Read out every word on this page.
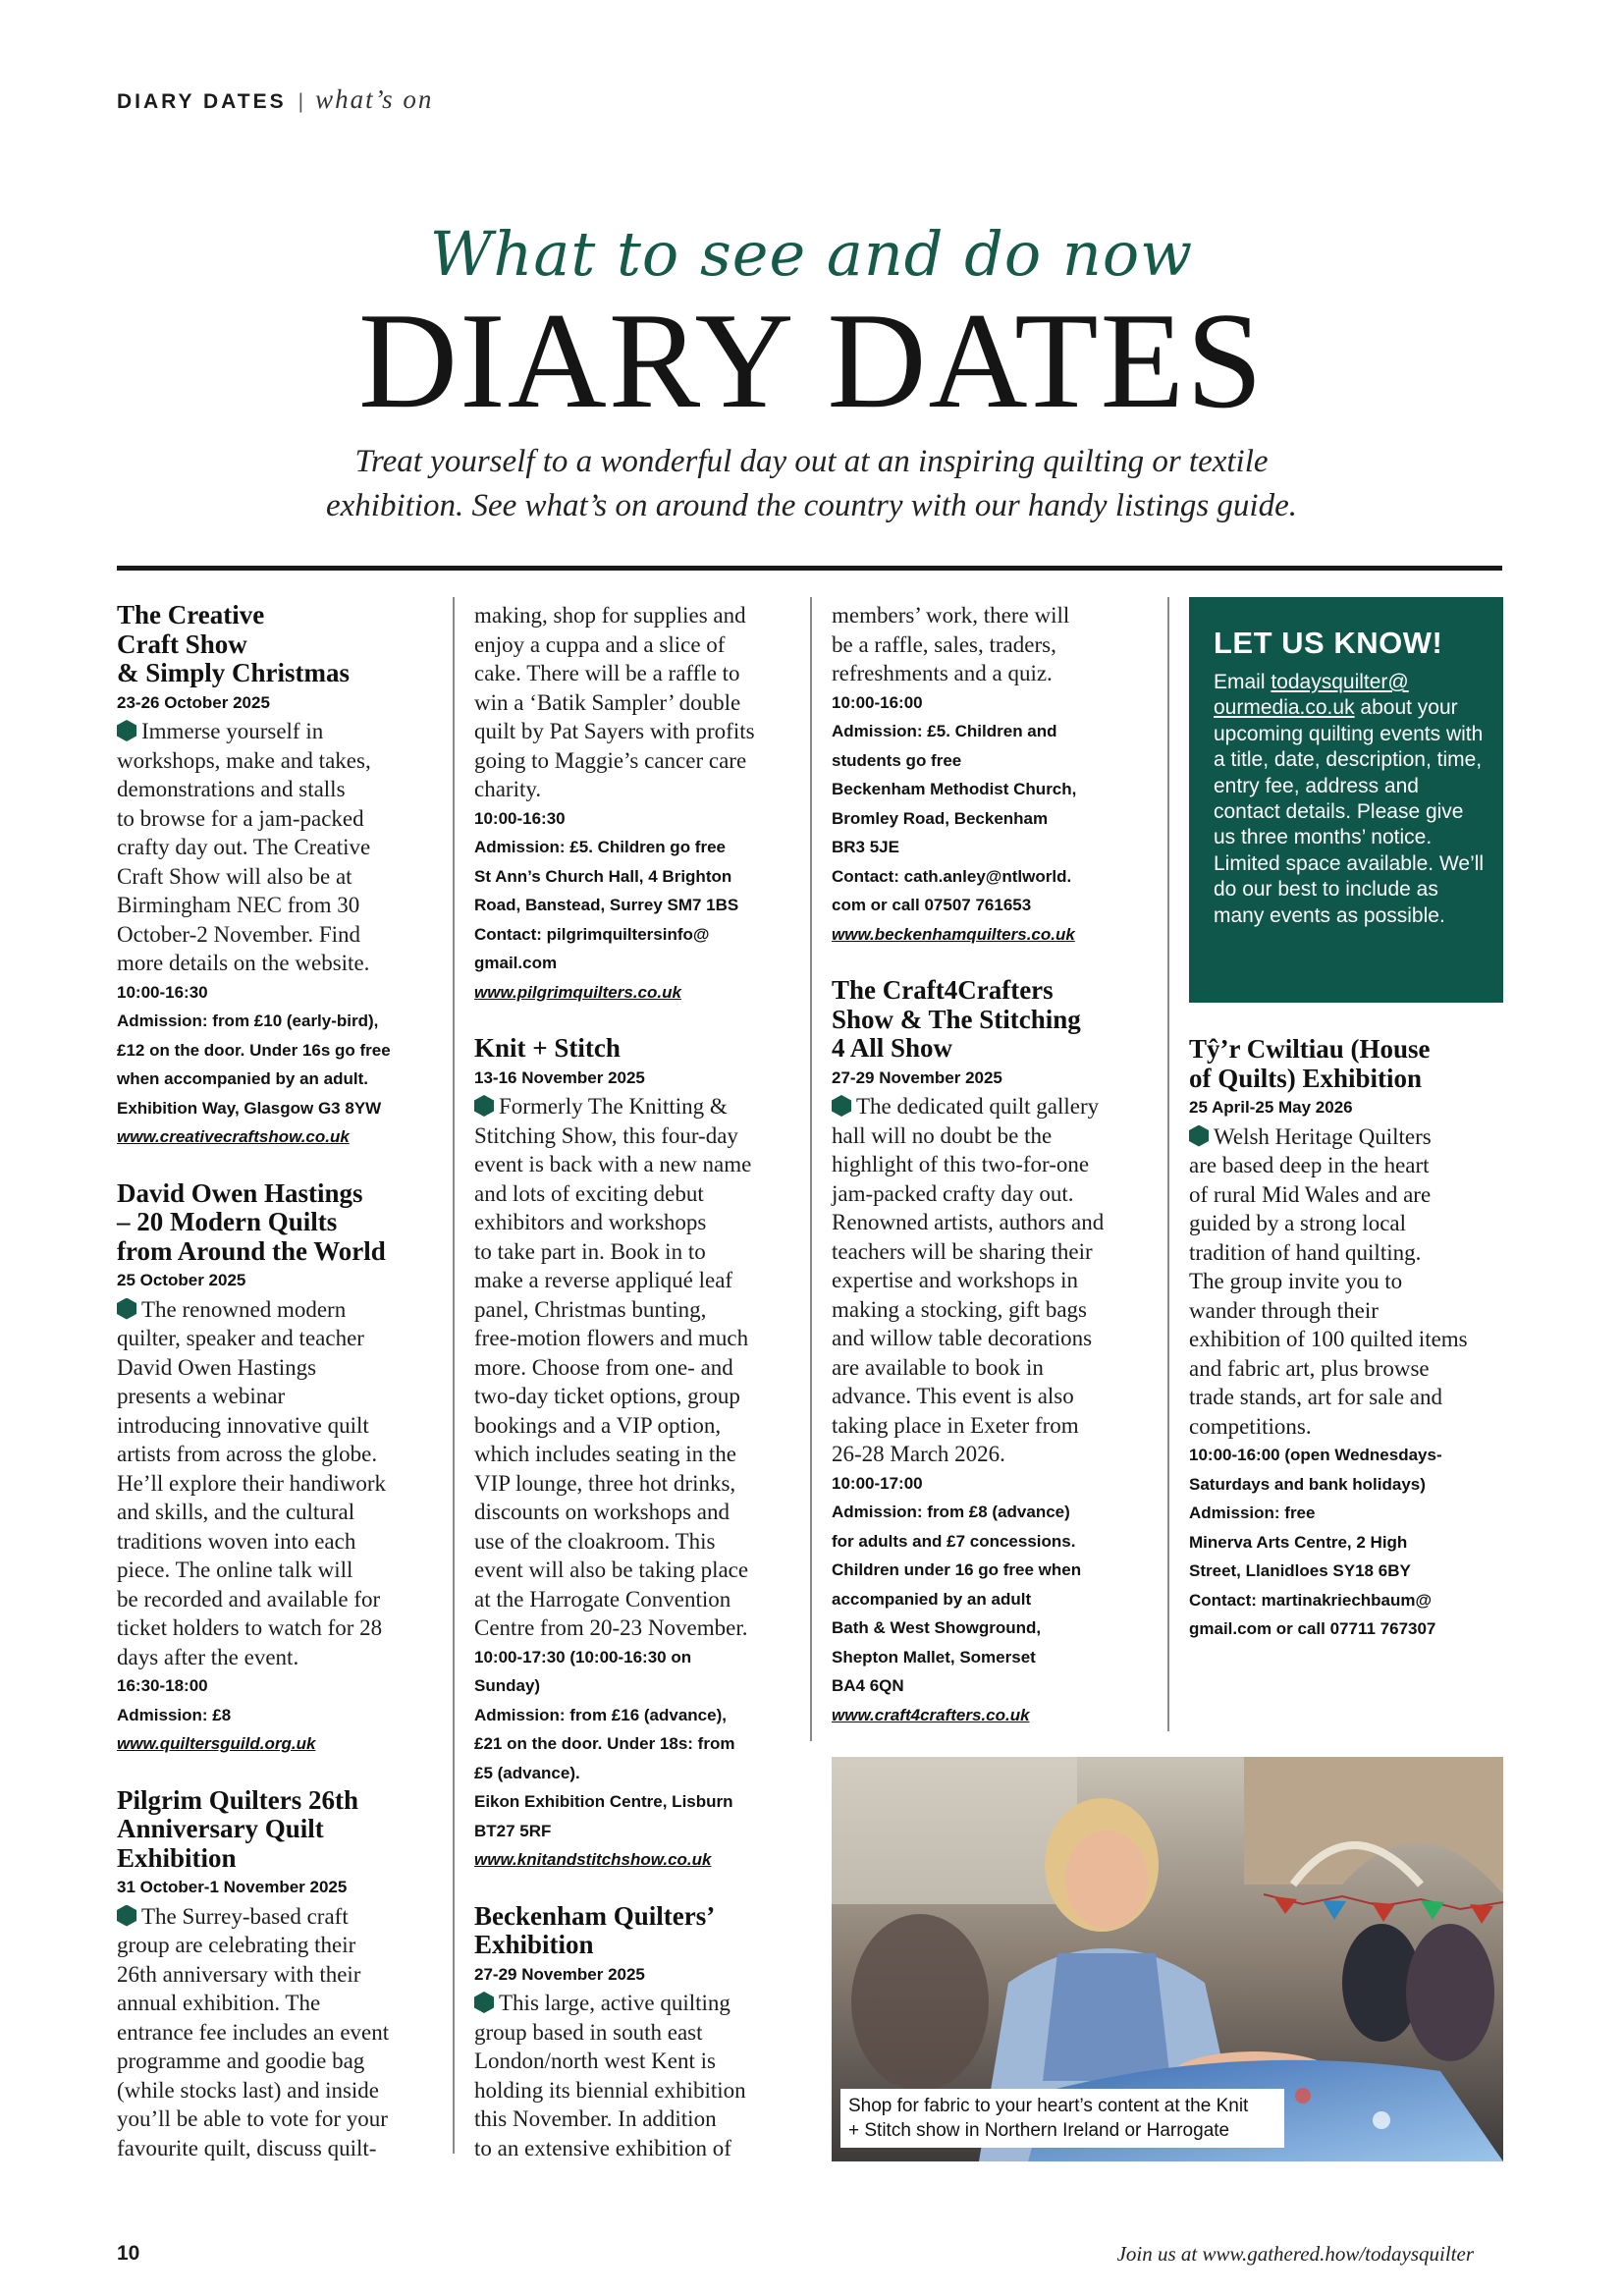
DIARY DATES | what’s on
What to see and do now
DIARY DATES
Treat yourself to a wonderful day out at an inspiring quilting or textile
exhibition. See what’s on around the country with our handy listings guide.
The Creative
Craft Show
& Simply Christmas
23-26 October 2025
Immerse yourself in
workshops, make and takes,
demonstrations and stalls
to browse for a jam-packed
crafty day out. The Creative
Craft Show will also be at
Birmingham NEC from 30
October-2 November. Find
more details on the website.
10:00-16:30
Admission: from £10 (early-bird),
£12 on the door. Under 16s go free
when accompanied by an adult.
Exhibition Way, Glasgow G3 8YW
www.creativecraftshow.co.uk
David Owen Hastings
– 20 Modern Quilts
from Around the World
25 October 2025
The renowned modern
quilter, speaker and teacher
David Owen Hastings
presents a webinar
introducing innovative quilt
artists from across the globe.
He’ll explore their handiwork
and skills, and the cultural
traditions woven into each
piece. The online talk will
be recorded and available for
ticket holders to watch for 28
days after the event.
16:30-18:00
Admission: £8
www.quiltersguild.org.uk
Pilgrim Quilters 26th
Anniversary Quilt
Exhibition
31 October-1 November 2025
The Surrey-based craft
group are celebrating their
26th anniversary with their
annual exhibition. The
entrance fee includes an event
programme and goodie bag
(while stocks last) and inside
you’ll be able to vote for your
favourite quilt, discuss quilt-
making, shop for supplies and
enjoy a cuppa and a slice of
cake. There will be a raffle to
win a ‘Batik Sampler’ double
quilt by Pat Sayers with profits
going to Maggie’s cancer care
charity.
10:00-16:30
Admission: £5. Children go free
St Ann’s Church Hall, 4 Brighton
Road, Banstead, Surrey SM7 1BS
Contact: pilgrimquiltersinfo@
gmail.com
www.pilgrimquilters.co.uk
Knit + Stitch
13-16 November 2025
Formerly The Knitting &
Stitching Show, this four-day
event is back with a new name
and lots of exciting debut
exhibitors and workshops
to take part in. Book in to
make a reverse appliqué leaf
panel, Christmas bunting,
free-motion flowers and much
more. Choose from one- and
two-day ticket options, group
bookings and a VIP option,
which includes seating in the
VIP lounge, three hot drinks,
discounts on workshops and
use of the cloakroom. This
event will also be taking place
at the Harrogate Convention
Centre from 20-23 November.
10:00-17:30 (10:00-16:30 on
Sunday)
Admission: from £16 (advance),
£21 on the door. Under 18s: from
£5 (advance).
Eikon Exhibition Centre, Lisburn
BT27 5RF
www.knitandstitchshow.co.uk
Beckenham Quilters’
Exhibition
27-29 November 2025
This large, active quilting
group based in south east
London/north west Kent is
holding its biennial exhibition
this November. In addition
to an extensive exhibition of
members’ work, there will
be a raffle, sales, traders,
refreshments and a quiz.
10:00-16:00
Admission: £5. Children and
students go free
Beckenham Methodist Church,
Bromley Road, Beckenham
BR3 5JE
Contact: cath.anley@ntlworld.
com or call 07507 761653
www.beckenhamquilters.co.uk
The Craft4Crafters
Show & The Stitching
4 All Show
27-29 November 2025
The dedicated quilt gallery
hall will no doubt be the
highlight of this two-for-one
jam-packed crafty day out.
Renowned artists, authors and
teachers will be sharing their
expertise and workshops in
making a stocking, gift bags
and willow table decorations
are available to book in
advance. This event is also
taking place in Exeter from
26-28 March 2026.
10:00-17:00
Admission: from £8 (advance)
for adults and £7 concessions.
Children under 16 go free when
accompanied by an adult
Bath & West Showground,
Shepton Mallet, Somerset
BA4 6QN
www.craft4crafters.co.uk
LET US KNOW!

Email todaysquilter@
ourmedia.co.uk about your upcoming quilting events with a title, date, description, time, entry fee, address and contact details. Please give us three months’ notice. Limited space available. We’ll do our best to include as many events as possible.

Tŷ’r Cwiltiau (House
of Quilts) Exhibition
25 April-25 May 2026
Welsh Heritage Quilters
are based deep in the heart
of rural Mid Wales and are
guided by a strong local
tradition of hand quilting.
The group invite you to
wander through their
exhibition of 100 quilted items
and fabric art, plus browse
trade stands, art for sale and
competitions.
10:00-16:00 (open Wednesdays-
Saturdays and bank holidays)
Admission: free
Minerva Arts Centre, 2 High
Street, Llanidloes SY18 6BY
Contact: martinakriechbaum@
gmail.com or call 07711 767307
Shop for fabric to your heart’s content at the Knit
+ Stitch show in Northern Ireland or Harrogate
10	Join us at www.gathered.how/todaysquilter
